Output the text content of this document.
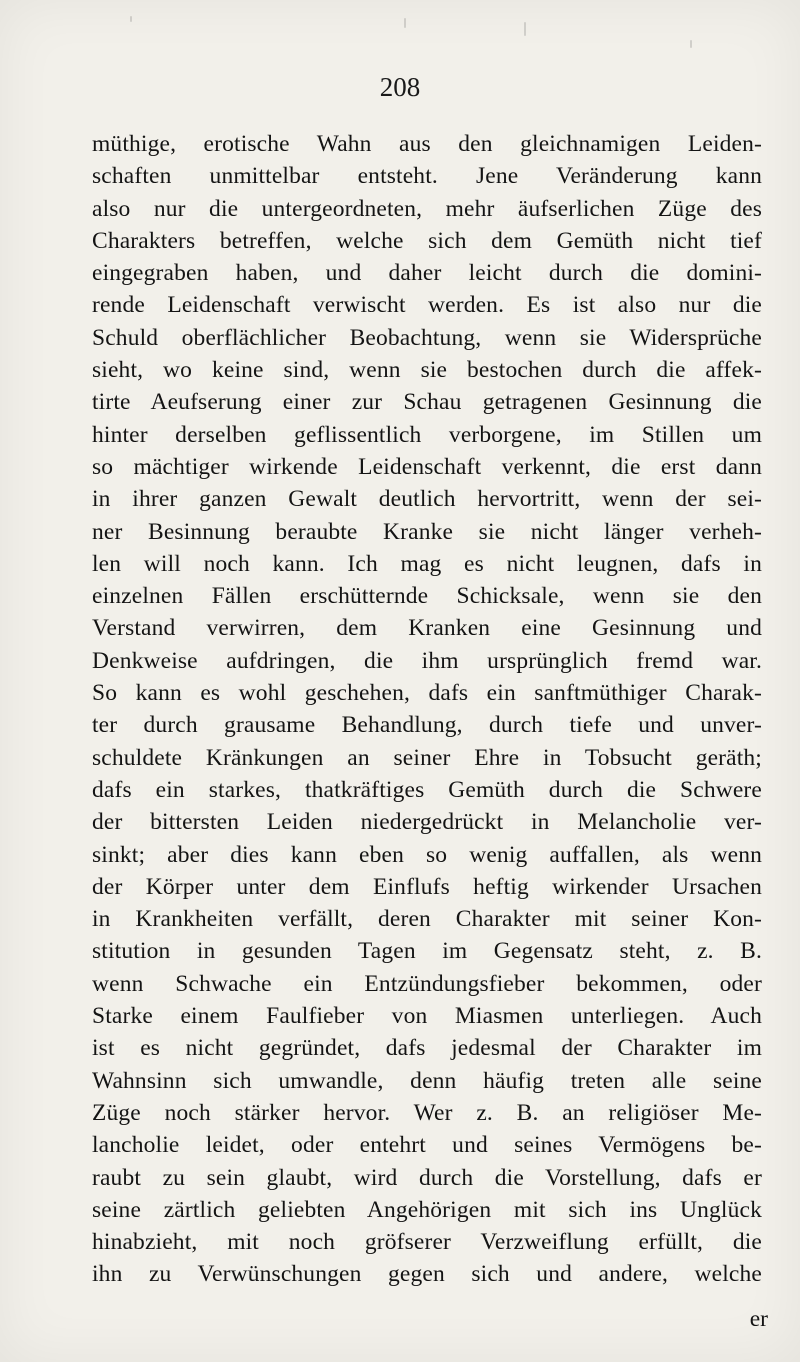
208
müthige, erotische Wahn aus den gleichnamigen Leiden-
schaften unmittelbar entsteht. Jene Veränderung kann
also nur die untergeordneten, mehr äufserlichen Züge des
Charakters betreffen, welche sich dem Gemüth nicht tief
eingegraben haben, und daher leicht durch die domini-
rende Leidenschaft verwischt werden. Es ist also nur die
Schuld oberflächlicher Beobachtung, wenn sie Widersprüche
sieht, wo keine sind, wenn sie bestochen durch die affek-
tirte Aeufserung einer zur Schau getragenen Gesinnung die
hinter derselben geflissentlich verborgene, im Stillen um
so mächtiger wirkende Leidenschaft verkennt, die erst dann
in ihrer ganzen Gewalt deutlich hervortritt, wenn der sei-
ner Besinnung beraubte Kranke sie nicht länger verheh-
len will noch kann. Ich mag es nicht leugnen, dafs in
einzelnen Fällen erschütternde Schicksale, wenn sie den
Verstand verwirren, dem Kranken eine Gesinnung und
Denkweise aufdringen, die ihm ursprünglich fremd war.
So kann es wohl geschehen, dafs ein sanftmüthiger Charak-
ter durch grausame Behandlung, durch tiefe und unver-
schuldete Kränkungen an seiner Ehre in Tobsucht geräth;
dafs ein starkes, thatkräftiges Gemüth durch die Schwere
der bittersten Leiden niedergedrückt in Melancholie ver-
sinkt; aber dies kann eben so wenig auffallen, als wenn
der Körper unter dem Einflufs heftig wirkender Ursachen
in Krankheiten verfällt, deren Charakter mit seiner Kon-
stitution in gesunden Tagen im Gegensatz steht, z. B.
wenn Schwache ein Entzündungsfieber bekommen, oder
Starke einem Faulfieber von Miasmen unterliegen. Auch
ist es nicht gegründet, dafs jedesmal der Charakter im
Wahnsinn sich umwandle, denn häufig treten alle seine
Züge noch stärker hervor. Wer z. B. an religiöser Me-
lancholie leidet, oder entehrt und seines Vermögens be-
raubt zu sein glaubt, wird durch die Vorstellung, dafs er
seine zärtlich geliebten Angehörigen mit sich ins Unglück
hinabzieht, mit noch gröfserer Verzweiflung erfüllt, die
ihn zu Verwünschungen gegen sich und andere, welche
er
